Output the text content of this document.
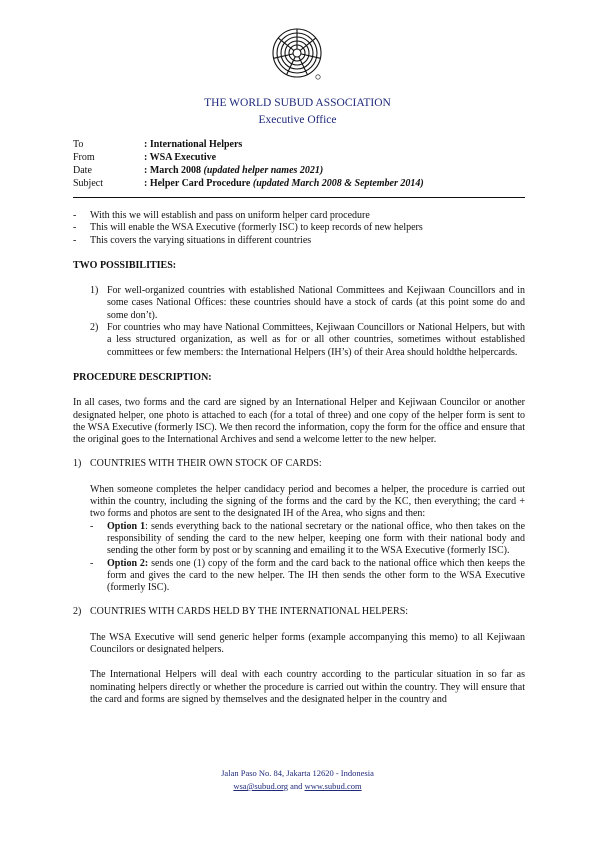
THE WORLD SUBUD ASSOCIATION
Executive Office
To	: International Helpers
From	: WSA Executive
Date	: March 2008 (updated helper names 2021)
Subject	: Helper Card Procedure (updated March 2008 & September 2014)
-	With this we will establish and pass on uniform helper card procedure
-	This will enable the WSA Executive (formerly ISC) to keep records of new helpers
-	This covers the varying situations in different countries
TWO POSSIBILITIES:
1) For well-organized countries with established National Committees and Kejiwaan Councillors and in some cases National Offices: these countries should have a stock of cards (at this point some do and some don’t).
2) For countries who may have National Committees, Kejiwaan Councillors or National Helpers, but with a less structured organization, as well as for or all other countries, sometimes without established committees or few members: the International Helpers (IH’s) of their Area should holdthe helpercards.
PROCEDURE DESCRIPTION:

In all cases, two forms and the card are signed by an International Helper and Kejiwaan Councilor or another designated helper, one photo is attached to each (for a total of three) and one copy of the helper form is sent to the WSA Executive (formerly ISC). We then record the information, copy the form for the office and ensure that the original goes to the International Archives and send a welcome letter to the new helper.

1) COUNTRIES WITH THEIR OWN STOCK OF CARDS:

When someone completes the helper candidacy period and becomes a helper, the procedure is carried out within the country, including the signing of the forms and the card by the KC, then everything; the card + two forms and photos are sent to the designated IH of the Area, who signs and then:

-	Option 1: sends everything back to the national secretary or the national office, who then takes on the responsibility of sending the card to the new helper, keeping one form with their national body and sending the other form by post or by scanning and emailing it to the WSA Executive (formerly ISC).
-	Option 2: sends one (1) copy of the form and the card back to the national office which then keeps the form and gives the card to the new helper. The IH then sends the other form to the WSA Executive (formerly ISC).
2) COUNTRIES WITH CARDS HELD BY THE INTERNATIONAL HELPERS:

The WSA Executive will send generic helper forms (example accompanying this memo) to all Kejiwaan Councilors or designated helpers.

The International Helpers will deal with each country according to the particular situation in so far as nominating helpers directly or whether the procedure is carried out within the country. They will ensure that the card and forms are signed by themselves and the designated helper in the country and

Jalan Paso No. 84, Jakarta 12620 - Indonesia
wsa@subud.org and www.subud.com
